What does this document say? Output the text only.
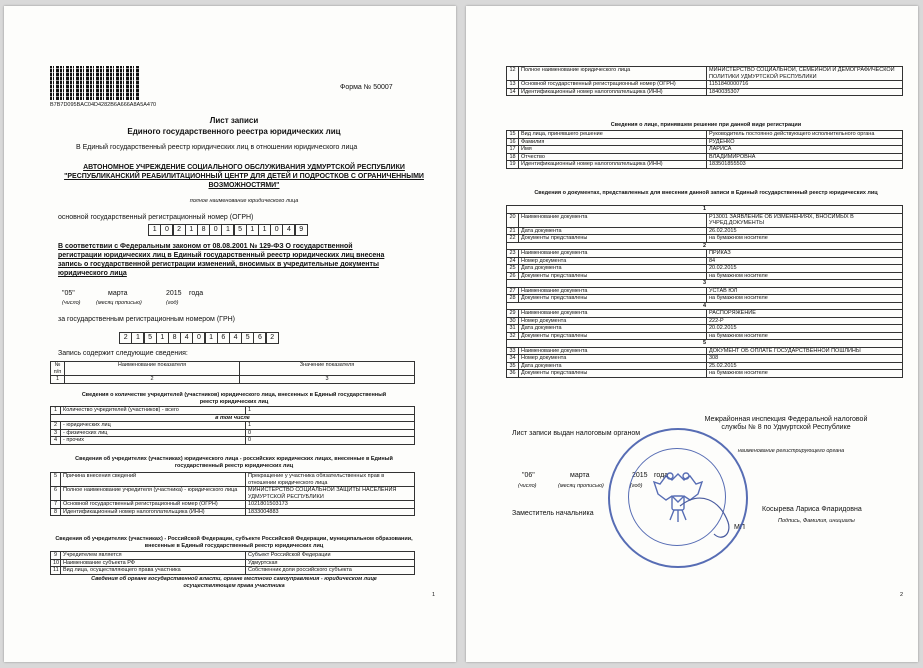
B7B7D095BAC04D4282B6A666A8A5A470
Форма № 50007
Лист записи
Единого государственного реестра юридических лиц
В Единый государственный реестр юридических лиц в отношении юридического лица
АВТОНОМНОЕ УЧРЕЖДЕНИЕ СОЦИАЛЬНОГО ОБСЛУЖИВАНИЯ УДМУРТСКОЙ РЕСПУБЛИКИ "РЕСПУБЛИКАНСКИЙ РЕАБИЛИТАЦИОННЫЙ ЦЕНТР ДЛЯ ДЕТЕЙ И ПОДРОСТКОВ С ОГРАНИЧЕННЫМИ ВОЗМОЖНОСТЯМИ"
полное наименование юридического лица
основной государственный регистрационный номер (ОГРН)
1	0	2	1	8	0	1	5	1	1	0	4	9
В соответствии с Федеральным законом от 08.08.2001 № 129-ФЗ О государственной регистрации юридических лиц в Единый государственный реестр юридических лиц внесена запись о государственной регистрации изменений, вносимых в учредительные документы юридического лица
"05"	марта	2015 года
(число)	(месяц прописью)	(год)
за государственным регистрационным номером (ГРН)
2	1	5	1	8	4	0	1	6	4	5	6	2
Запись содержит следующие сведения:
№ п/п	Наименование показателя	Значение показателя
1	2	3
Сведения о количестве учредителей (участников) юридического лица, внесенных в Единый государственный реестр юридических лиц
1	Количество учредителей (участников) - всего	1
в том числе		
2	- юридических лиц	1
3	- физических лиц	0
4	- прочих	0
Сведения об учредителях (участниках) юридического лица - российских юридических лицах, внесенные в Единый государственный реестр юридических лиц
5	Причина внесения сведений	Прекращение у участника обязательственных прав в отношении юридического лица
6	Полное наименование учредителя (участника) - юридического лица	МИНИСТЕРСТВО СОЦИАЛЬНОЙ ЗАЩИТЫ НАСЕЛЕНИЯ УДМУРТСКОЙ РЕСПУБЛИКИ
7	Основной государственный регистрационный номер (ОГРН)	1021801503173
8	Идентификационный номер налогоплательщика (ИНН)	1833004883
Сведения об учредителях (участниках) - Российской Федерации, субъекте Российской Федерации, муниципальном образовании, внесенные в Единый государственный реестр юридических лиц
9	Учредителем является	Субъект Российской Федерации
10	Наименование субъекта РФ	Удмуртская
11	Вид лица, осуществляющего права участника	Собственник доли российского субъекта
Сведения об органе государственной власти, органе местного самоуправления - юридическом лице осуществляющем права участника
1
12	Полное наименование юридического лица	МИНИСТЕРСТВО СОЦИАЛЬНОЙ, СЕМЕЙНОЙ И ДЕМОГРАФИЧЕСКОЙ ПОЛИТИКИ УДМУРТСКОЙ РЕСПУБЛИКИ
13	Основной государственный регистрационный номер (ОГРН)	1151840000716
14	Идентификационный номер налогоплательщика (ИНН)	1840035307
Сведения о лице, принявшем решение при данной виде регистрации
15	Вид лица, принявшего решение	Руководитель постоянно действующего исполнительного органа
16	Фамилия	РУДЕНКО
17	Имя	ЛАРИСА
18	Отчество	ВЛАДИМИРОВНА
19	Идентификационный номер налогоплательщика (ИНН)	183501855503
Сведения о документах, представленных для внесения данной записи в Единый государственный реестр юридических лиц
1		
20	Наименование документа	Р13001 ЗАЯВЛЕНИЕ ОБ ИЗМЕНЕНИЯХ, ВНОСИМЫХ В УЧРЕД.ДОКУМЕНТЫ
21	Дата документа	26.02.2015
22	Документы представлены	на бумажном носителе
2		
23	Наименование документа	ПРИКАЗ
24	Номер документа	84
25	Дата документа	20.02.2015
26	Документы представлены	на бумажном носителе
3		
27	Наименование документа	УСТАВ ЮЛ
28	Документы представлены	на бумажном носителе
4		
29	Наименование документа	РАСПОРЯЖЕНИЕ
30	Номер документа	222-Р
31	Дата документа	20.02.2015
32	Документы представлены	на бумажном носителе
5		
33	Наименование документа	ДОКУМЕНТ ОБ ОПЛАТЕ ГОСУДАРСТВЕННОЙ ПОШЛИНЫ
34	Номер документа	308
35	Дата документа	25.02.2015
36	Документы представлены	на бумажном носителе
Лист записи выдан налоговым органом
Межрайонная инспекция Федеральной налоговой службы № 8 по Удмуртской Республике
наименование регистрирующего органа
"06"	марта	2015 года
(число)	(месяц прописью)	(год)
Заместитель начальника
Косырева Лариса Фларидовна
Подпись, Фамилия, инициалы
МП
2
